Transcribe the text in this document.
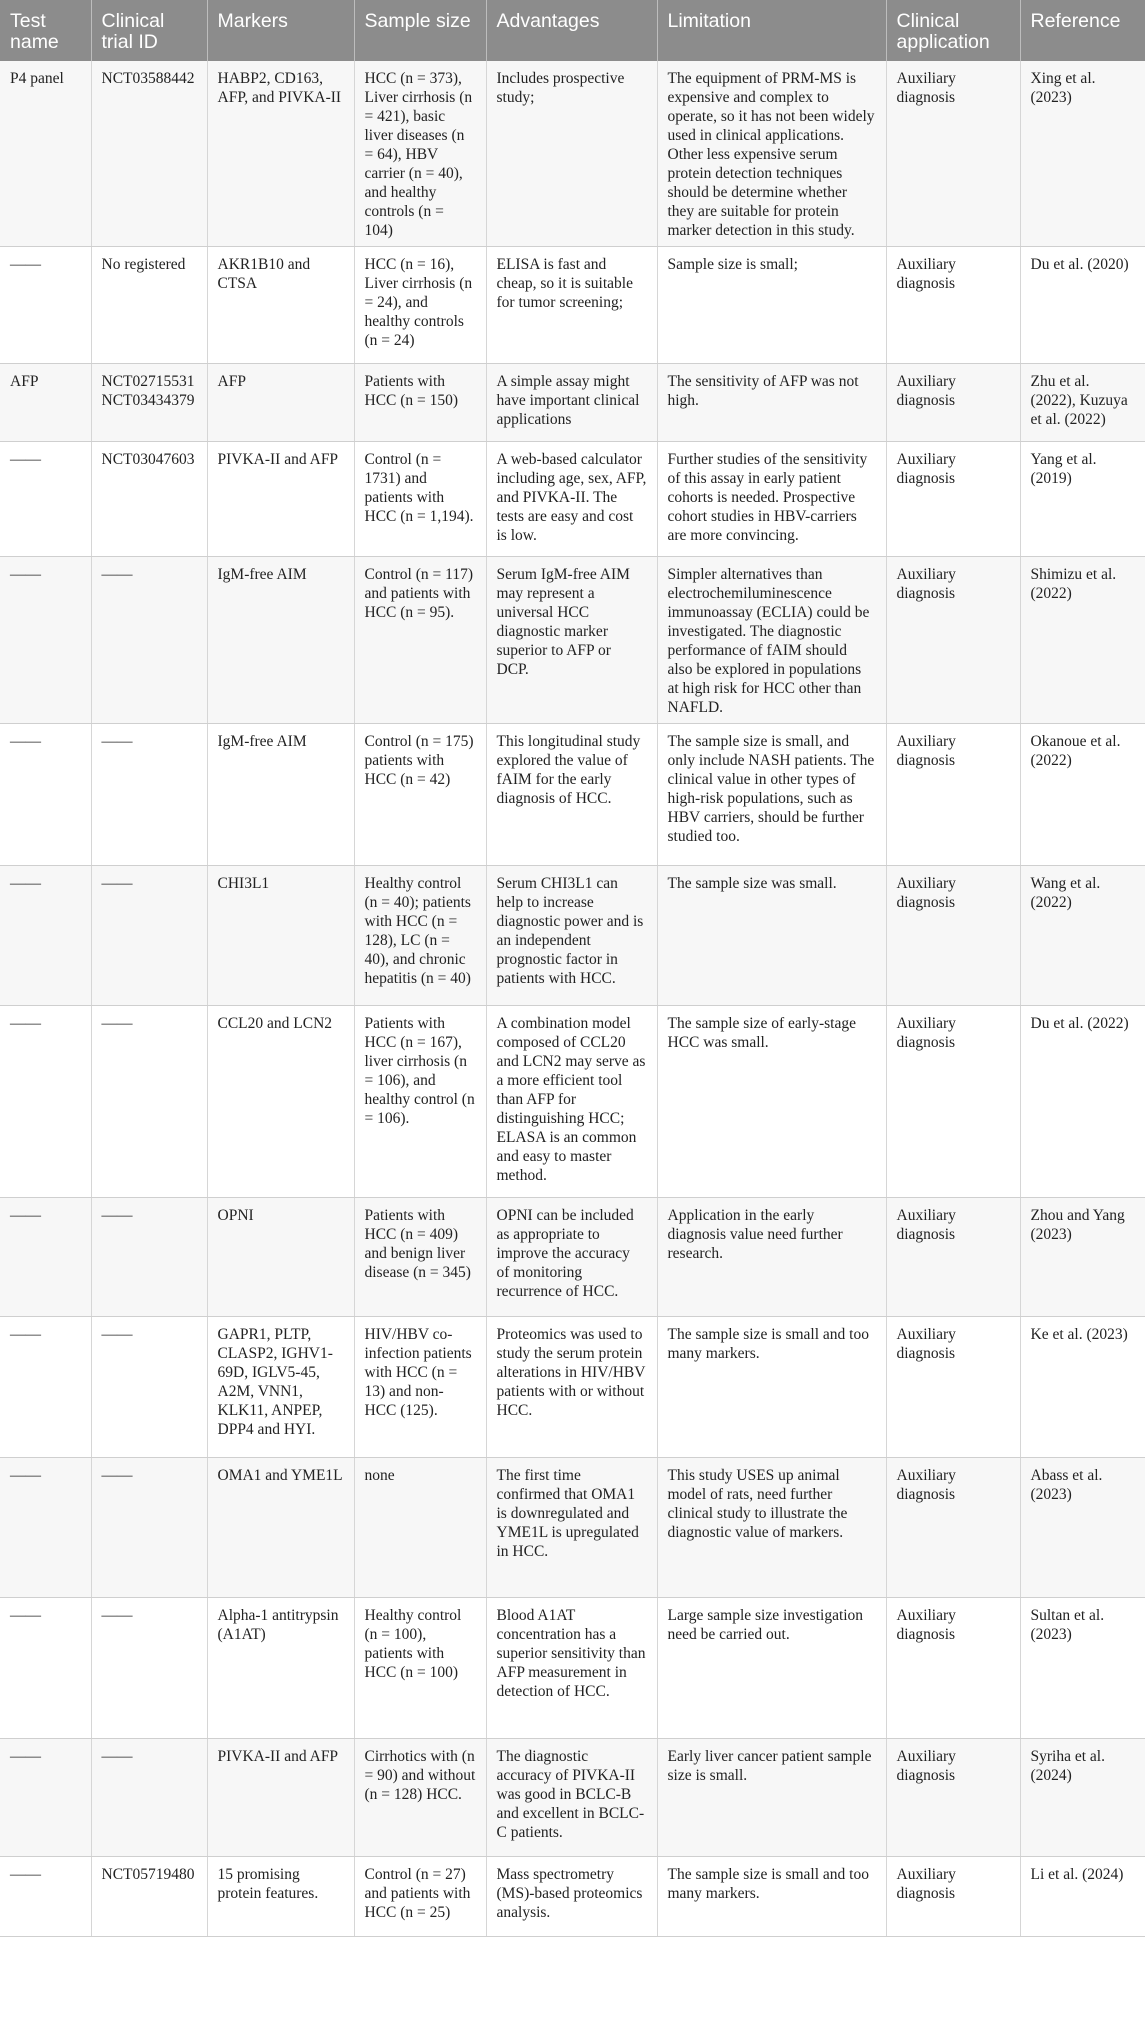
Test name	Clinical trial ID	Markers	Sample size	Advantages	Limitation	Clinical application	Reference
P4 panel	NCT03588442	HABP2, CD163, AFP, and PIVKA-II	HCC (n = 373), Liver cirrhosis (n = 421), basic liver diseases (n = 64), HBV carrier (n = 40), and healthy controls (n = 104)	Includes prospective study;	The equipment of PRM-MS is expensive and complex to operate, so it has not been widely used in clinical applications. Other less expensive serum protein detection techniques should be determine whether they are suitable for protein marker detection in this study.	Auxiliary diagnosis	Xing et al. (2023)
——	No registered	AKR1B10 and CTSA	HCC (n = 16), Liver cirrhosis (n = 24), and healthy controls (n = 24)	ELISA is fast and cheap, so it is suitable for tumor screening;	Sample size is small;	Auxiliary diagnosis	Du et al. (2020)
AFP	NCT02715531 NCT03434379	AFP	Patients with HCC (n = 150)	A simple assay might have important clinical applications	The sensitivity of AFP was not high.	Auxiliary diagnosis	Zhu et al. (2022), Kuzuya et al. (2022)
——	NCT03047603	PIVKA-II and AFP	Control (n = 1731) and patients with HCC (n = 1,194).	A web-based calculator including age, sex, AFP, and PIVKA-II. The tests are easy and cost is low.	Further studies of the sensitivity of this assay in early patient cohorts is needed. Prospective cohort studies in HBV-carriers are more convincing.	Auxiliary diagnosis	Yang et al. (2019)
——	——	IgM-free AIM	Control (n = 117) and patients with HCC (n = 95).	Serum IgM-free AIM may represent a universal HCC diagnostic marker superior to AFP or DCP.	Simpler alternatives than electrochemiluminescence immunoassay (ECLIA) could be investigated. The diagnostic performance of fAIM should also be explored in populations at high risk for HCC other than NAFLD.	Auxiliary diagnosis	Shimizu et al. (2022)
——	——	IgM-free AIM	Control (n = 175) patients with HCC (n = 42)	This longitudinal study explored the value of fAIM for the early diagnosis of HCC.	The sample size is small, and only include NASH patients. The clinical value in other types of high-risk populations, such as HBV carriers, should be further studied too.	Auxiliary diagnosis	Okanoue et al. (2022)
——	——	CHI3L1	Healthy control (n = 40); patients with HCC (n = 128), LC (n = 40), and chronic hepatitis (n = 40)	Serum CHI3L1 can help to increase diagnostic power and is an independent prognostic factor in patients with HCC.	The sample size was small.	Auxiliary diagnosis	Wang et al. (2022)
——	——	CCL20 and LCN2	Patients with HCC (n = 167), liver cirrhosis (n = 106), and healthy control (n = 106).	A combination model composed of CCL20 and LCN2 may serve as a more efficient tool than AFP for distinguishing HCC; ELASA is an common and easy to master method.	The sample size of early-stage HCC was small.	Auxiliary diagnosis	Du et al. (2022)
——	——	OPNI	Patients with HCC (n = 409) and benign liver disease (n = 345)	OPNI can be included as appropriate to improve the accuracy of monitoring recurrence of HCC.	Application in the early diagnosis value need further research.	Auxiliary diagnosis	Zhou and Yang (2023)
——	——	GAPR1, PLTP, CLASP2, IGHV1-69D, IGLV5-45, A2M, VNN1, KLK11, ANPEP, DPP4 and HYI.	HIV/HBV co-infection patients with HCC (n = 13) and non-HCC (125).	Proteomics was used to study the serum protein alterations in HIV/HBV patients with or without HCC.	The sample size is small and too many markers.	Auxiliary diagnosis	Ke et al. (2023)
——	——	OMA1 and YME1L	none	The first time confirmed that OMA1 is downregulated and YME1L is upregulated in HCC.	This study USES up animal model of rats, need further clinical study to illustrate the diagnostic value of markers.	Auxiliary diagnosis	Abass et al. (2023)
——	——	Alpha-1 antitrypsin (A1AT)	Healthy control (n = 100), patients with HCC (n = 100)	Blood A1AT concentration has a superior sensitivity than AFP measurement in detection of HCC.	Large sample size investigation need be carried out.	Auxiliary diagnosis	Sultan et al. (2023)
——	——	PIVKA-II and AFP	Cirrhotics with (n = 90) and without (n = 128) HCC.	The diagnostic accuracy of PIVKA-II was good in BCLC-B and excellent in BCLC-C patients.	Early liver cancer patient sample size is small.	Auxiliary diagnosis	Syriha et al. (2024)
——	NCT05719480	15 promising protein features.	Control (n = 27) and patients with HCC (n = 25)	Mass spectrometry (MS)-based proteomics analysis.	The sample size is small and too many markers.	Auxiliary diagnosis	Li et al. (2024)
